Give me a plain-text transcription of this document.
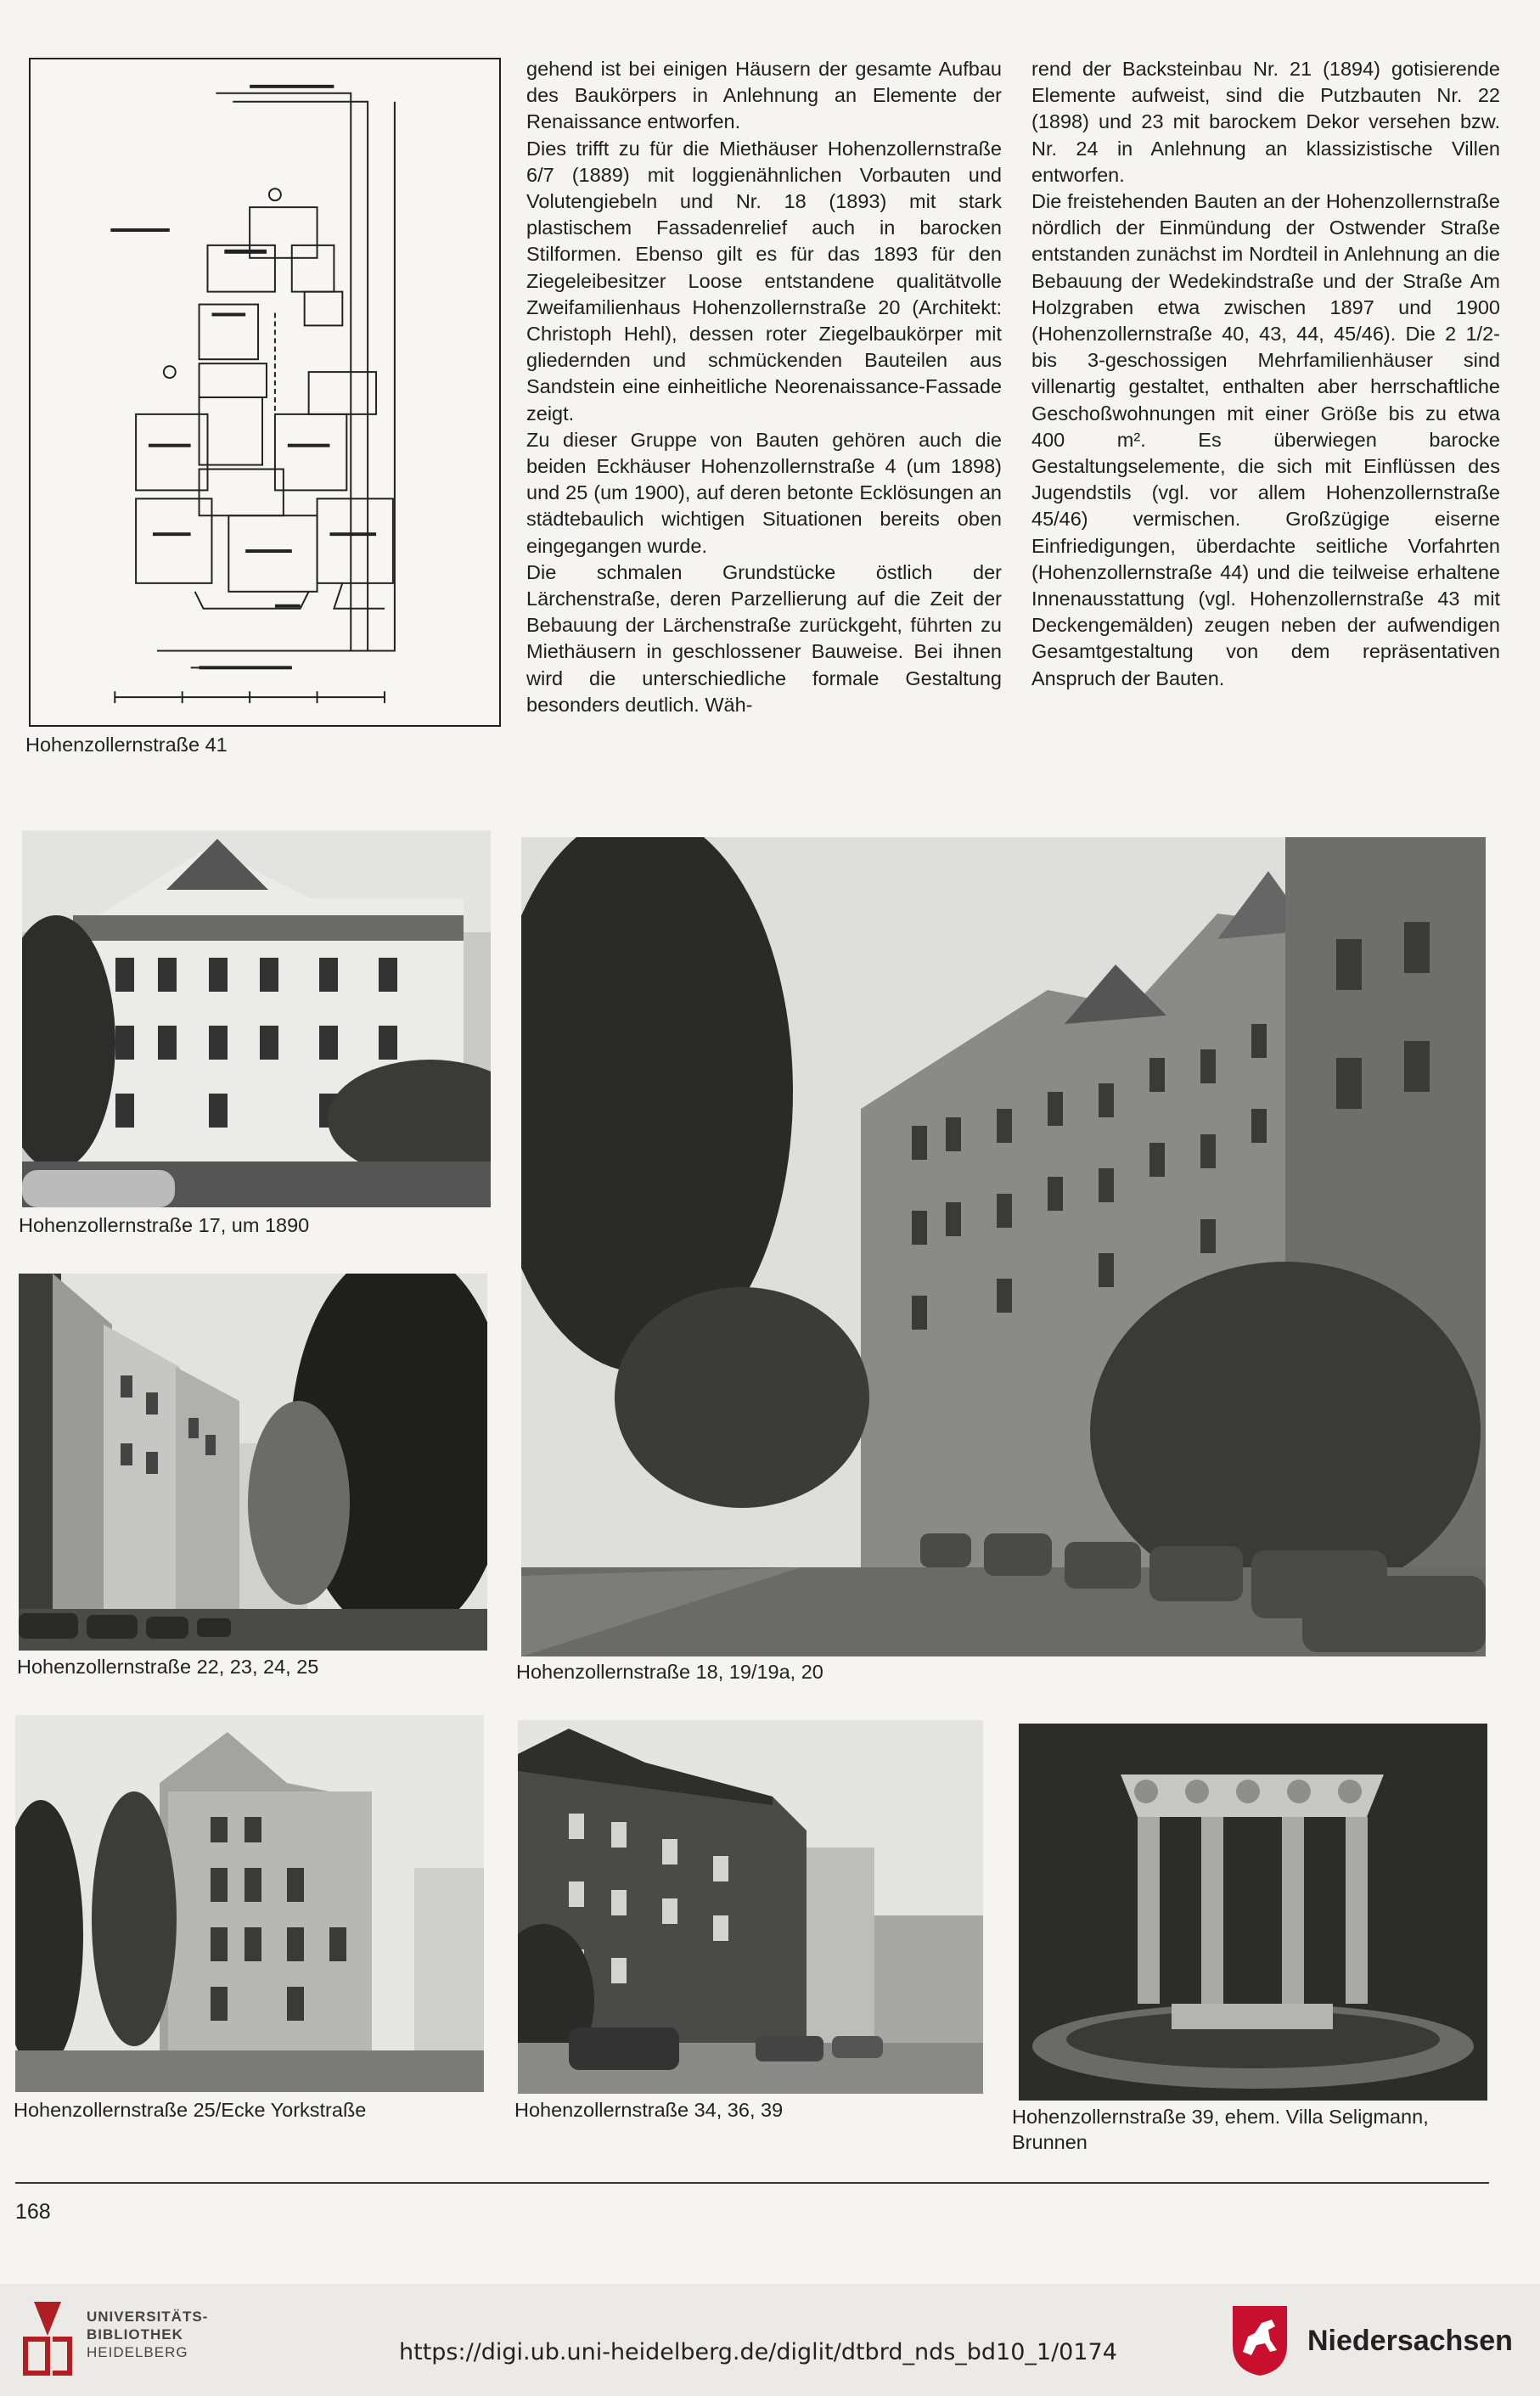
Hohenzollernstraße 41

gehend ist bei einigen Häusern der gesamte Aufbau des Baukörpers in Anlehnung an Elemente der Renaissance entworfen.

Dies trifft zu für die Miethäuser Hohenzollernstraße 6/7 (1889) mit loggienähnlichen Vorbauten und Volutengiebeln und Nr. 18 (1893) mit stark plastischem Fassadenrelief auch in barocken Stilformen. Ebenso gilt es für das 1893 für den Ziegeleibesitzer Loose entstandene qualitätvolle Zweifamilienhaus Hohenzollernstraße 20 (Architekt: Christoph Hehl), dessen roter Ziegelbaukörper mit gliedernden und schmückenden Bauteilen aus Sandstein eine einheitliche Neorenaissance-Fassade zeigt.

Zu dieser Gruppe von Bauten gehören auch die beiden Eckhäuser Hohenzollernstraße 4 (um 1898) und 25 (um 1900), auf deren betonte Ecklösungen an städtebaulich wichtigen Situationen bereits oben eingegangen wurde.

Die schmalen Grundstücke östlich der Lärchenstraße, deren Parzellierung auf die Zeit der Bebauung der Lärchenstraße zurückgeht, führten zu Miethäusern in geschlossener Bauweise. Bei ihnen wird die unterschiedliche formale Gestaltung besonders deutlich. Wäh-

rend der Backsteinbau Nr. 21 (1894) gotisierende Elemente aufweist, sind die Putzbauten Nr. 22 (1898) und 23 mit barockem Dekor versehen bzw. Nr. 24 in Anlehnung an klassizistische Villen entworfen.

Die freistehenden Bauten an der Hohenzollernstraße nördlich der Einmündung der Ostwender Straße entstanden zunächst im Nordteil in Anlehnung an die Bebauung der Wedekindstraße und der Straße Am Holzgraben etwa zwischen 1897 und 1900 (Hohenzollernstraße 40, 43, 44, 45/46). Die 2 1/2- bis 3-geschossigen Mehrfamilienhäuser sind villenartig gestaltet, enthalten aber herrschaftliche Geschoßwohnungen mit einer Größe bis zu etwa 400 m². Es überwiegen barocke Gestaltungselemente, die sich mit Einflüssen des Jugendstils (vgl. vor allem Hohenzollernstraße 45/46) vermischen. Großzügige eiserne Einfriedigungen, überdachte seitliche Vorfahrten (Hohenzollernstraße 44) und die teilweise erhaltene Innenausstattung (vgl. Hohenzollernstraße 43 mit Deckengemälden) zeugen neben der aufwendigen Gesamtgestaltung von dem repräsentativen Anspruch der Bauten.

Hohenzollernstraße 17, um 1890
Hohenzollernstraße 22, 23, 24, 25	Hohenzollernstraße 18, 19/19a, 20
Hohenzollernstraße 25/Ecke Yorkstraße	Hohenzollernstraße 34, 36, 39	Hohenzollernstraße 39, ehem. Villa Seligmann,
Brunnen
168
UNIVERSITÄTS-
BIBLIOTHEK
HEIDELBERG	https://digi.ub.uni-heidelberg.de/diglit/dtbrd_nds_bd10_1/0174	Niedersachsen
